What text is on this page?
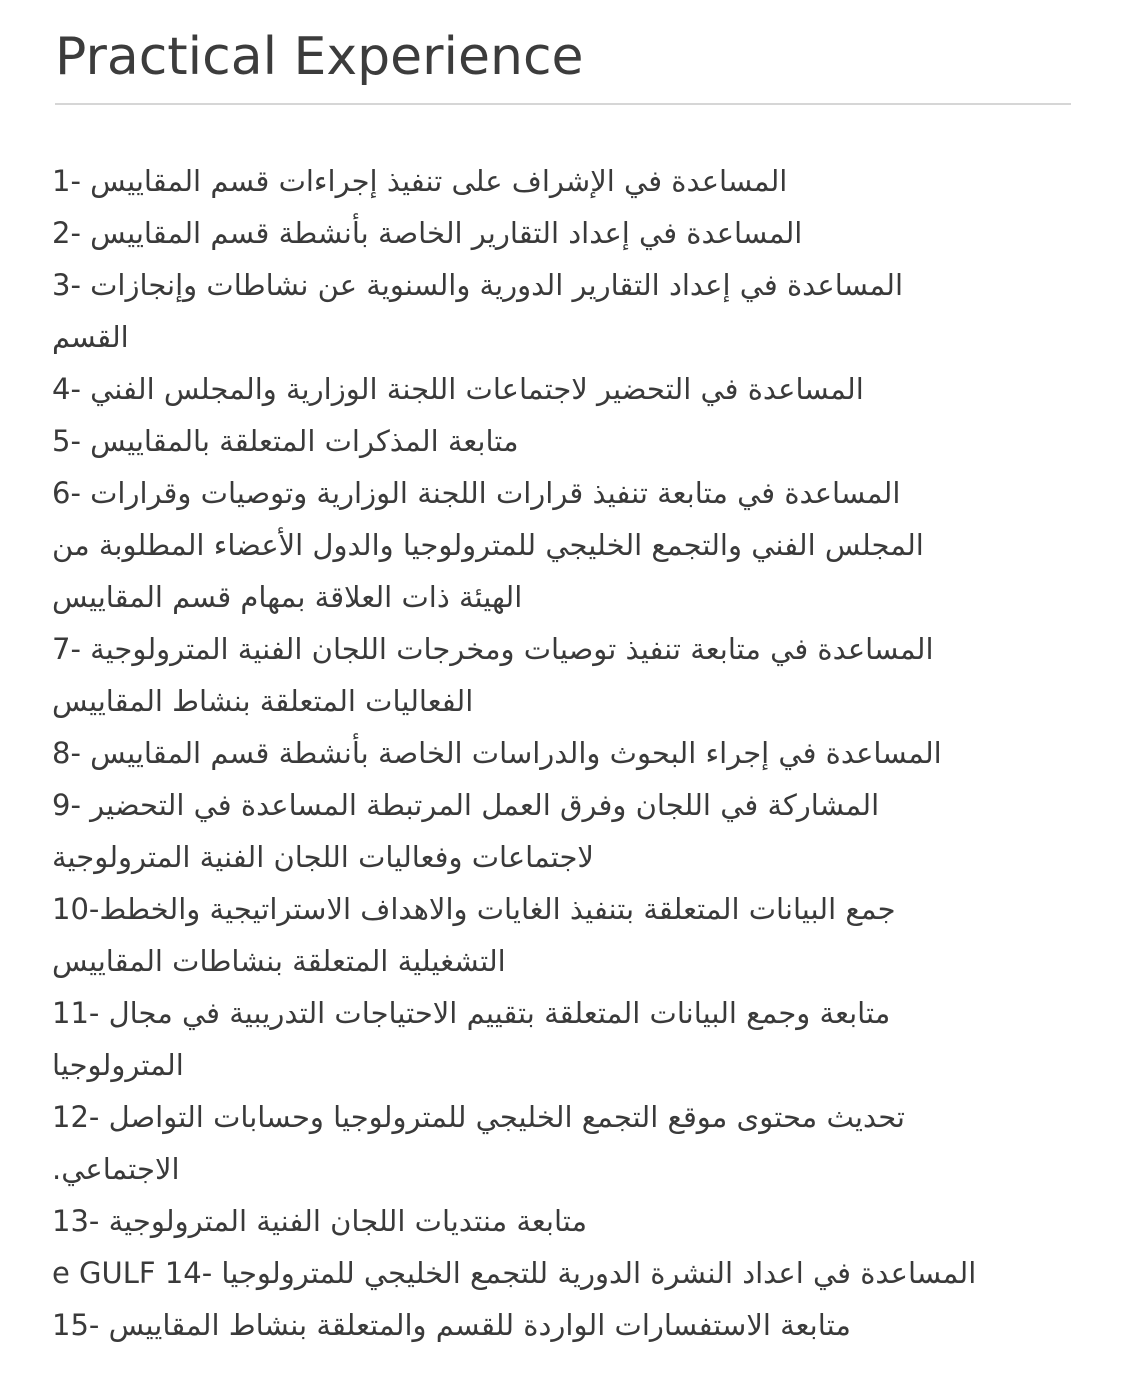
Practical Experience
المساعدة في الإشراف على تنفيذ إجراءات قسم المقاييس -1
المساعدة في إعداد التقارير الخاصة بأنشطة قسم المقاييس -2
المساعدة في إعداد التقارير الدورية والسنوية عن نشاطات وإنجازات -3
القسم
المساعدة في التحضير لاجتماعات اللجنة الوزارية والمجلس الفني -4
متابعة المذكرات المتعلقة بالمقاييس -5
المساعدة في متابعة تنفيذ قرارات اللجنة الوزارية وتوصيات وقرارات -6
المجلس الفني والتجمع الخليجي للمترولوجيا والدول الأعضاء المطلوبة من
الهيئة ذات العلاقة بمهام قسم المقاييس
المساعدة في متابعة تنفيذ توصيات ومخرجات اللجان الفنية المترولوجية -7
الفعاليات المتعلقة بنشاط المقاييس
المساعدة في إجراء البحوث والدراسات الخاصة بأنشطة قسم المقاييس -8
المشاركة في اللجان وفرق العمل المرتبطة المساعدة في التحضير -9
لاجتماعات وفعاليات اللجان الفنية المترولوجية
جمع البيانات المتعلقة بتنفيذ الغايات والاهداف الاستراتيجية والخطط-10
التشغيلية المتعلقة بنشاطات المقاييس
متابعة وجمع البيانات المتعلقة بتقييم الاحتياجات التدريبية في مجال -11
المترولوجيا
تحديث محتوى موقع التجمع الخليجي للمترولوجيا وحسابات التواصل -12
الاجتماعي.
متابعة منتديات اللجان الفنية المترولوجية -13
e GULF المساعدة في اعداد النشرة الدورية للتجمع الخليجي للمترولوجيا -14
متابعة الاستفسارات الواردة للقسم والمتعلقة بنشاط المقاييس -15
